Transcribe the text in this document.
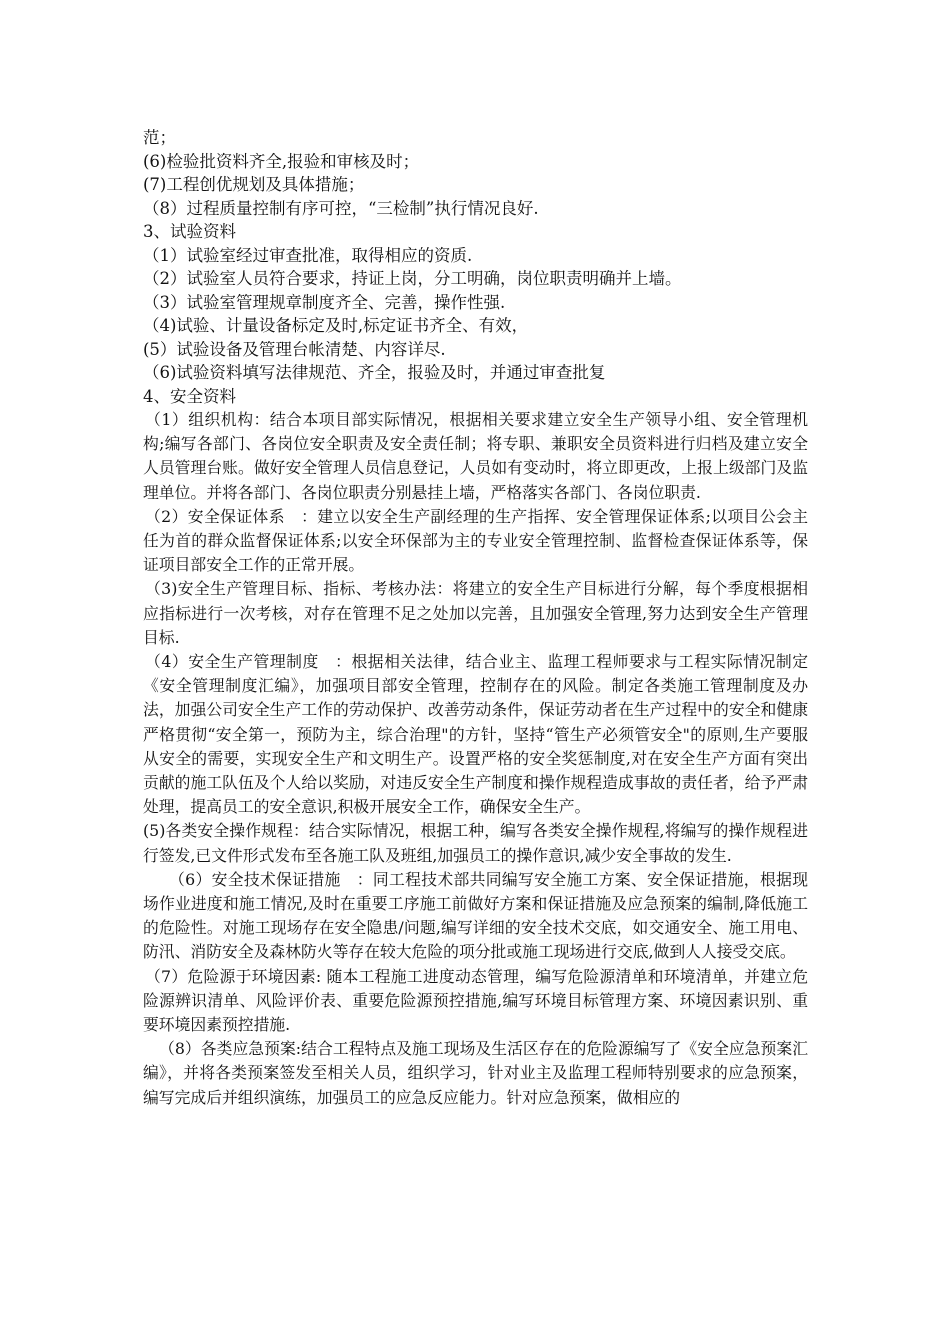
范；
(6)检验批资料齐全,报验和审核及时；
(7)工程创优规划及具体措施；
（8）过程质量控制有序可控，“三检制”执行情况良好.
3、试验资料
（1）试验室经过审查批准，取得相应的资质.
（2）试验室人员符合要求，持证上岗，分工明确，岗位职责明确并上墙。
（3）试验室管理规章制度齐全、完善，操作性强.
（4)试验、计量设备标定及时,标定证书齐全、有效，
(5）试验设备及管理台帐清楚、内容详尽.
（6)试验资料填写法律规范、齐全，报验及时，并通过审查批复
4、安全资料

（1）组织机构：结合本项目部实际情况，根据相关要求建立安全生产领导小组、安全管理机构;编写各部门、各岗位安全职责及安全责任制；将专职、兼职安全员资料进行归档及建立安全人员管理台账。做好安全管理人员信息登记，人员如有变动时，将立即更改，上报上级部门及监理单位。并将各部门、各岗位职责分别悬挂上墙，严格落实各部门、各岗位职责.

（2）安全保证体系　：建立以安全生产副经理的生产指挥、安全管理保证体系;以项目公会主任为首的群众监督保证体系;以安全环保部为主的专业安全管理控制、监督检查保证体系等，保证项目部安全工作的正常开展。

（3)安全生产管理目标、指标、考核办法：将建立的安全生产目标进行分解，每个季度根据相应指标进行一次考核，对存在管理不足之处加以完善，且加强安全管理,努力达到安全生产管理目标.

（4）安全生产管理制度　：根据相关法律，结合业主、监理工程师要求与工程实际情况制定《安全管理制度汇编》，加强项目部安全管理，控制存在的风险。制定各类施工管理制度及办法，加强公司安全生产工作的劳动保护、改善劳动条件，保证劳动者在生产过程中的安全和健康严格贯彻“安全第一，预防为主，综合治理"的方针，坚持“管生产必须管安全"的原则,生产要服从安全的需要，实现安全生产和文明生产。设置严格的安全奖惩制度,对在安全生产方面有突出贡献的施工队伍及个人给以奖励，对违反安全生产制度和操作规程造成事故的责任者，给予严肃处理，提高员工的安全意识,积极开展安全工作，确保安全生产。

(5)各类安全操作规程：结合实际情况，根据工种，编写各类安全操作规程,将编写的操作规程进行签发,已文件形式发布至各施工队及班组,加强员工的操作意识,减少安全事故的发生.

（6）安全技术保证措施　：同工程技术部共同编写安全施工方案、安全保证措施，根据现场作业进度和施工情况,及时在重要工序施工前做好方案和保证措施及应急预案的编制,降低施工的危险性。对施工现场存在安全隐患/问题,编写详细的安全技术交底，如交通安全、施工用电、防汛、消防安全及森林防火等存在较大危险的项分批或施工现场进行交底,做到人人接受交底。

（7）危险源于环境因素: 随本工程施工进度动态管理，编写危险源清单和环境清单，并建立危险源辨识清单、风险评价表、重要危险源预控措施,编写环境目标管理方案、环境因素识别、重要环境因素预控措施.

（8）各类应急预案:结合工程特点及施工现场及生活区存在的危险源编写了《安全应急预案汇编》，并将各类预案签发至相关人员，组织学习，针对业主及监理工程师特别要求的应急预案，编写完成后并组织演练，加强员工的应急反应能力。针对应急预案，做相应的
